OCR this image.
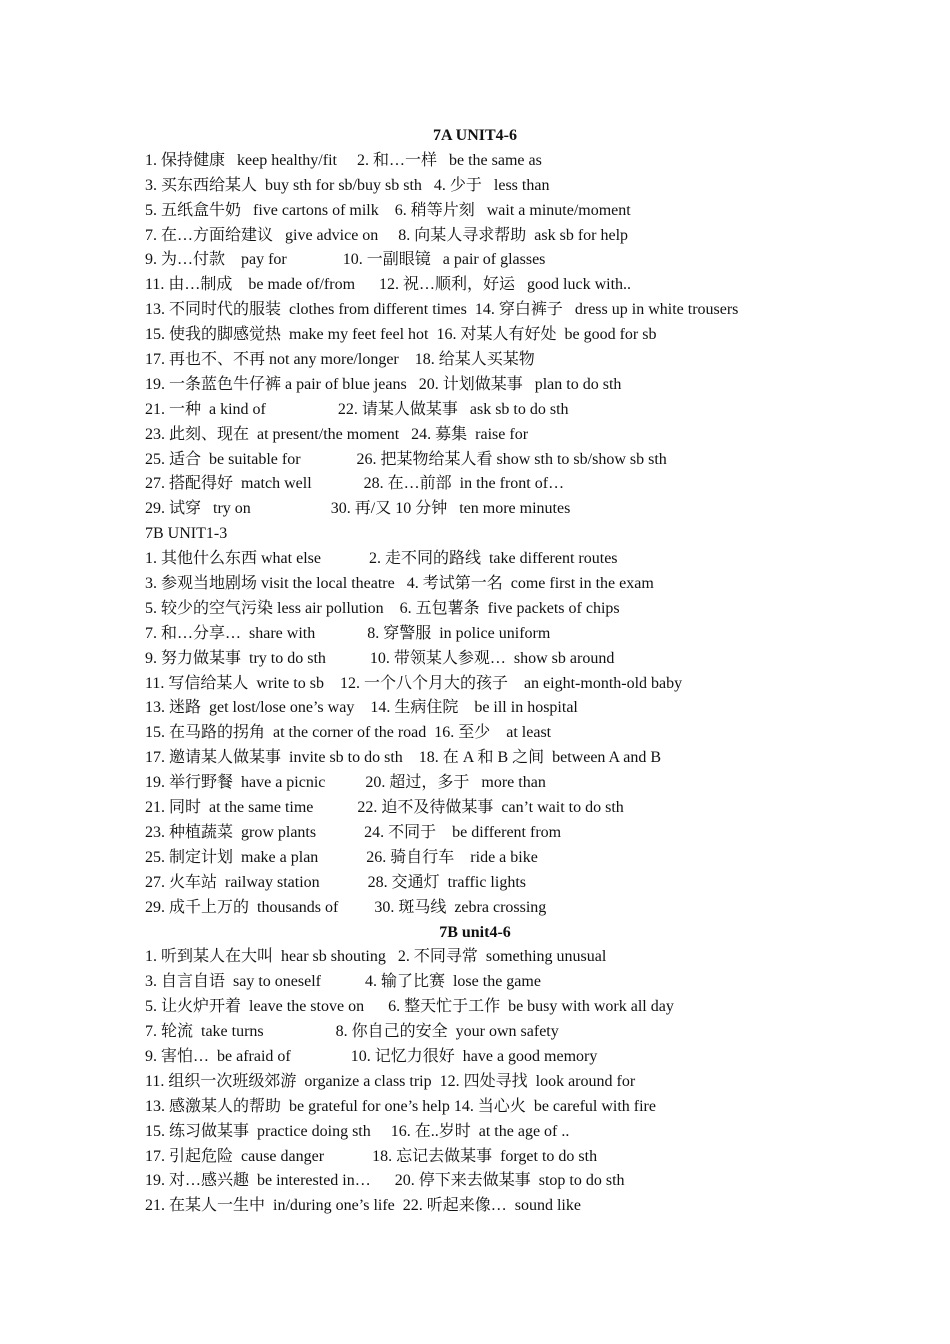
7A UNIT4-6
1. 保持健康   keep healthy/fit     2. 和…一样   be the same as
3. 买东西给某人  buy sth for sb/buy sb sth   4. 少于   less than
5. 五纸盒牛奶   five cartons of milk    6. 稍等片刻   wait a minute/moment
7. 在…方面给建议   give advice on     8. 向某人寻求帮助  ask sb for help
9. 为…付款    pay for              10. 一副眼镜   a pair of glasses
11. 由…制成    be made of/from      12. 祝…顺利，好运   good luck with..
13. 不同时代的服装  clothes from different times  14. 穿白裤子   dress up in white trousers
15. 使我的脚感觉热  make my feet feel hot  16. 对某人有好处  be good for sb
17. 再也不、不再 not any more/longer    18. 给某人买某物
19. 一条蓝色牛仔裤 a pair of blue jeans   20. 计划做某事   plan to do sth
21. 一种  a kind of                  22. 请某人做某事   ask sb to do sth
23. 此刻、现在  at present/the moment   24. 募集  raise for
25. 适合  be suitable for              26. 把某物给某人看 show sth to sb/show sb sth
27. 搭配得好  match well             28. 在…前部  in the front of…
29. 试穿   try on                    30. 再/又 10 分钟   ten more minutes
7B UNIT1-3
1. 其他什么东西 what else            2. 走不同的路线  take different routes
3. 参观当地剧场 visit the local theatre   4. 考试第一名  come first in the exam
5. 较少的空气污染 less air pollution    6. 五包薯条  five packets of chips
7. 和…分享…  share with             8. 穿警服  in police uniform
9. 努力做某事  try to do sth           10. 带领某人参观…  show sb around
11. 写信给某人  write to sb    12. 一个八个月大的孩子    an eight-month-old baby
13. 迷路  get lost/lose one’s way    14. 生病住院    be ill in hospital
15. 在马路的拐角  at the corner of the road  16. 至少    at least
17. 邀请某人做某事  invite sb to do sth    18. 在 A 和 B 之间  between A and B
19. 举行野餐  have a picnic          20. 超过，多于   more than
21. 同时  at the same time           22. 迫不及待做某事  can’t wait to do sth
23. 种植蔬菜  grow plants            24. 不同于    be different from
25. 制定计划  make a plan            26. 骑自行车    ride a bike
27. 火车站  railway station            28. 交通灯  traffic lights
29. 成千上万的  thousands of         30. 斑马线  zebra crossing
7B unit4-6
1. 听到某人在大叫  hear sb shouting   2. 不同寻常  something unusual
3. 自言自语  say to oneself           4. 输了比赛  lose the game
5. 让火炉开着  leave the stove on      6. 整天忙于工作  be busy with work all day
7. 轮流  take turns                  8. 你自己的安全  your own safety
9. 害怕…  be afraid of               10. 记忆力很好  have a good memory
11. 组织一次班级郊游  organize a class trip  12. 四处寻找  look around for
13. 感激某人的帮助  be grateful for one’s help 14. 当心火  be careful with fire
15. 练习做某事  practice doing sth     16. 在..岁时  at the age of ..
17. 引起危险  cause danger            18. 忘记去做某事  forget to do sth
19. 对…感兴趣  be interested in…      20. 停下来去做某事  stop to do sth
21. 在某人一生中  in/during one’s life  22. 听起来像…  sound like
